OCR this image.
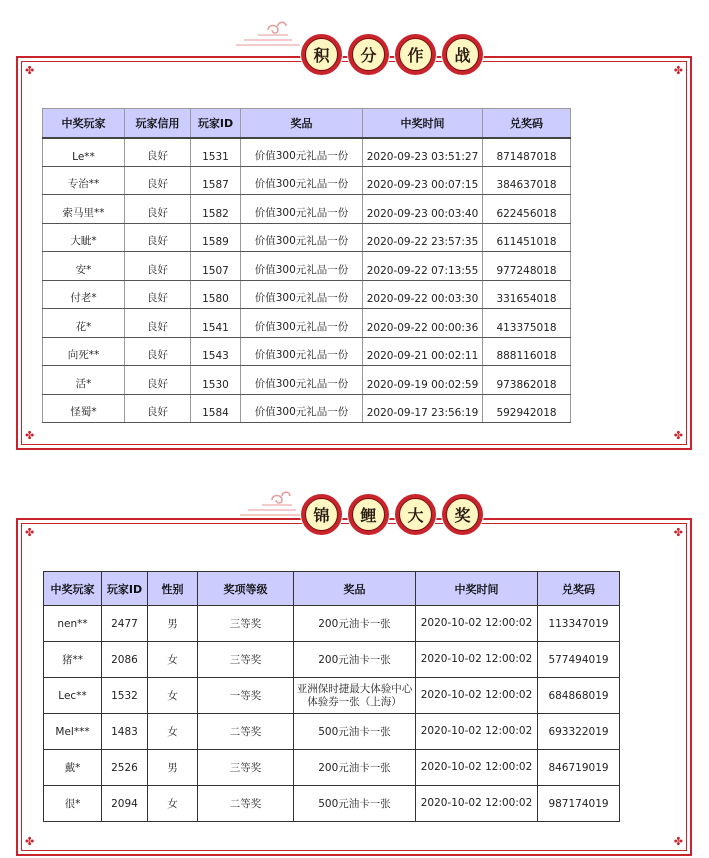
✤	✤
✤	✤
中奖玩家	玩家信用	玩家ID	奖品	中奖时间	兑奖码
Le**	良好	1531	价值300元礼品一份	2020-09-23 03:51:27	871487018
专治**	良好	1587	价值300元礼品一份	2020-09-23 00:07:15	384637018
索马里**	良好	1582	价值300元礼品一份	2020-09-23 00:03:40	622456018
大眦*	良好	1589	价值300元礼品一份	2020-09-22 23:57:35	611451018
安*	良好	1507	价值300元礼品一份	2020-09-22 07:13:55	977248018
付老*	良好	1580	价值300元礼品一份	2020-09-22 00:03:30	331654018
花*	良好	1541	价值300元礼品一份	2020-09-22 00:00:36	413375018
向死**	良好	1543	价值300元礼品一份	2020-09-21 00:02:11	888116018
活*	良好	1530	价值300元礼品一份	2020-09-19 00:02:59	973862018
怪蜀*	良好	1584	价值300元礼品一份	2020-09-17 23:56:19	592942018
积	分	作	战
✤	✤
✤	✤
中奖玩家	玩家ID	性别	奖项等级	奖品	中奖时间	兑奖码
nen**	2477	男	三等奖	200元油卡一张	2020-10-02 12:00:02	113347019
猪**	2086	女	三等奖	200元油卡一张	2020-10-02 12:00:02	577494019
Lec**	1532	女	一等奖	亚洲保时捷最大体验中心体验券一张（上海）	2020-10-02 12:00:02	684868019
Mel***	1483	女	二等奖	500元油卡一张	2020-10-02 12:00:02	693322019
戴*	2526	男	三等奖	200元油卡一张	2020-10-02 12:00:02	846719019
很*	2094	女	二等奖	500元油卡一张	2020-10-02 12:00:02	987174019
锦	鲤	大	奖
